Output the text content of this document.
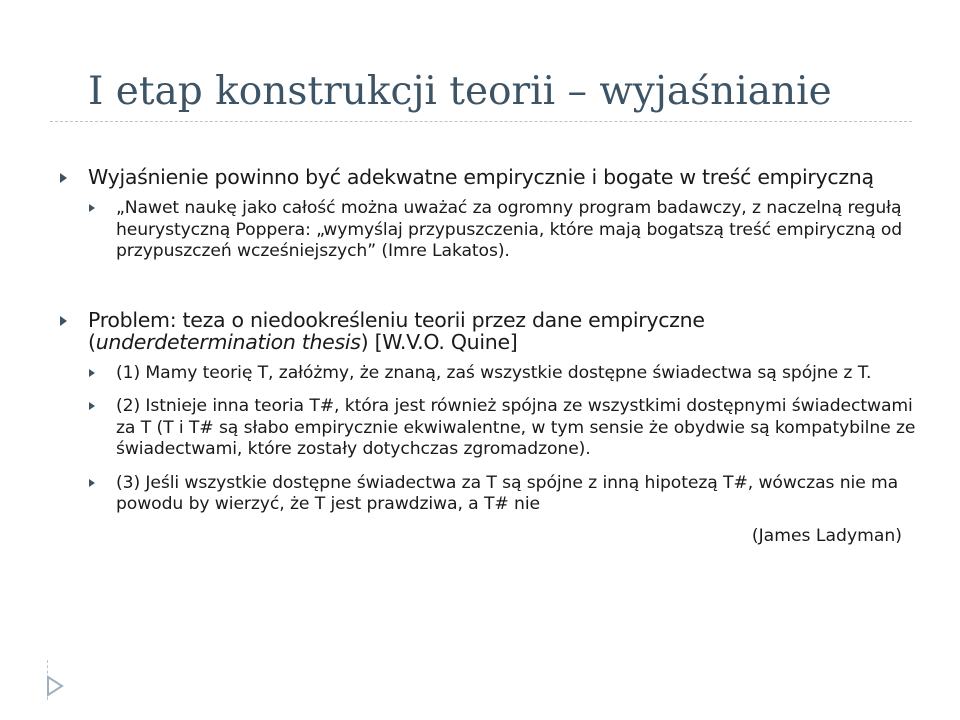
I etap konstrukcji teorii – wyjaśnianie
Wyjaśnienie powinno być adekwatne empirycznie i bogate w treść empiryczną
„Nawet naukę jako całość można uważać za ogromny program badawczy, z naczelną regułą heurystyczną Poppera: „wymyślaj przypuszczenia, które mają bogatszą treść empiryczną od przypuszczeń wcześniejszych” (Imre Lakatos).
Problem: teza o niedookreśleniu teorii przez dane empiryczne (underdetermination thesis) [W.V.O. Quine]
(1) Mamy teorię T, załóżmy, że znaną, zaś wszystkie dostępne świadectwa są spójne z T.
(2) Istnieje inna teoria T#, która jest również spójna ze wszystkimi dostępnymi świadectwami za T (T i T# są słabo empirycznie ekwiwalentne, w tym sensie że obydwie są kompatybilne ze świadectwami, które zostały dotychczas zgromadzone).
(3) Jeśli wszystkie dostępne świadectwa za T są spójne z inną hipotezą T#, wówczas nie ma powodu by wierzyć, że T jest prawdziwa, a T# nie
(James Ladyman)
